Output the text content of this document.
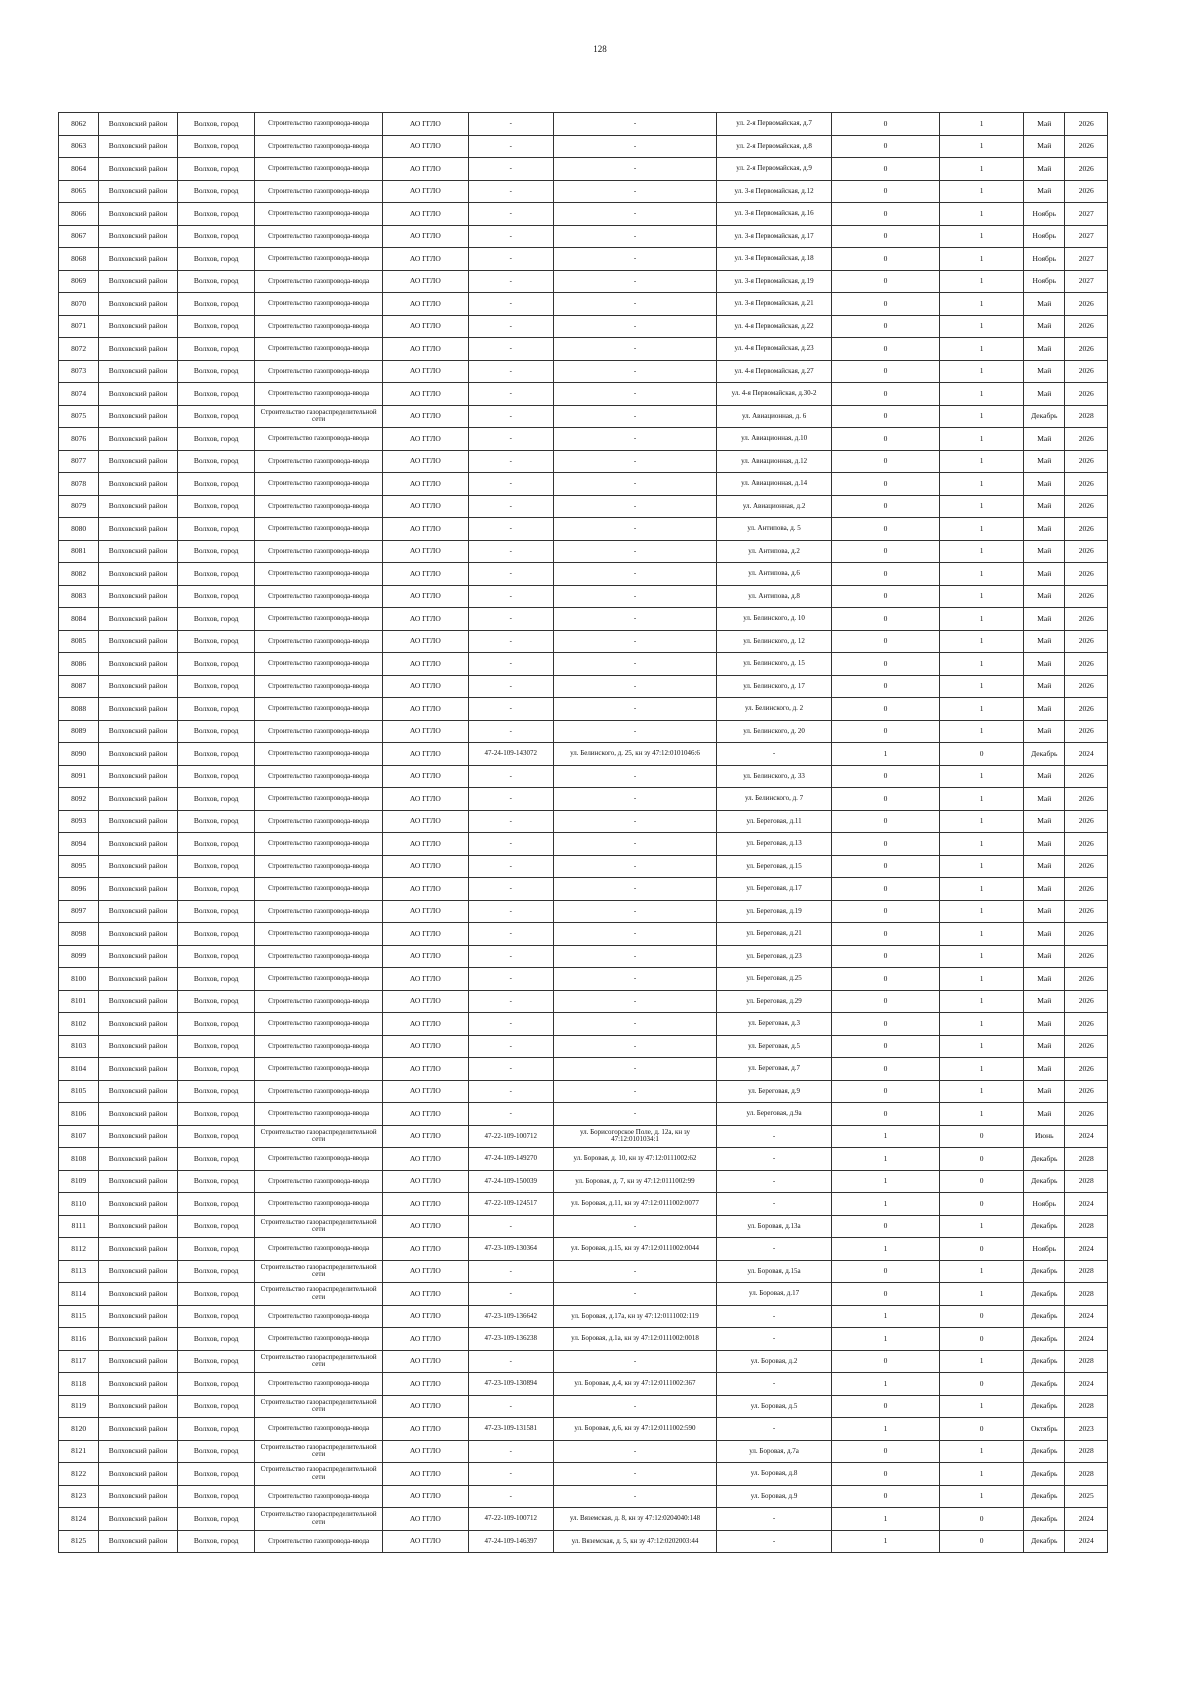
128
8062	Волховский район	Волхов, город	Строительство газопровода-ввода	АО ГГЛО	-	-	ул. 2-я Первомайская, д.7	0	1	Май	2026
8063	Волховский район	Волхов, город	Строительство газопровода-ввода	АО ГГЛО	-	-	ул. 2-я Первомайская, д.8	0	1	Май	2026
8064	Волховский район	Волхов, город	Строительство газопровода-ввода	АО ГГЛО	-	-	ул. 2-я Первомайская, д.9	0	1	Май	2026
8065	Волховский район	Волхов, город	Строительство газопровода-ввода	АО ГГЛО	-	-	ул. 3-я Первомайская, д.12	0	1	Май	2026
8066	Волховский район	Волхов, город	Строительство газопровода-ввода	АО ГГЛО	-	-	ул. 3-я Первомайская, д.16	0	1	Ноябрь	2027
8067	Волховский район	Волхов, город	Строительство газопровода-ввода	АО ГГЛО	-	-	ул. 3-я Первомайская, д.17	0	1	Ноябрь	2027
8068	Волховский район	Волхов, город	Строительство газопровода-ввода	АО ГГЛО	-	-	ул. 3-я Первомайская, д.18	0	1	Ноябрь	2027
8069	Волховский район	Волхов, город	Строительство газопровода-ввода	АО ГГЛО	-	-	ул. 3-я Первомайская, д.19	0	1	Ноябрь	2027
8070	Волховский район	Волхов, город	Строительство газопровода-ввода	АО ГГЛО	-	-	ул. 3-я Первомайская, д.21	0	1	Май	2026
8071	Волховский район	Волхов, город	Строительство газопровода-ввода	АО ГГЛО	-	-	ул. 4-я Первомайская, д.22	0	1	Май	2026
8072	Волховский район	Волхов, город	Строительство газопровода-ввода	АО ГГЛО	-	-	ул. 4-я Первомайская, д.23	0	1	Май	2026
8073	Волховский район	Волхов, город	Строительство газопровода-ввода	АО ГГЛО	-	-	ул. 4-я Первомайская, д.27	0	1	Май	2026
8074	Волховский район	Волхов, город	Строительство газопровода-ввода	АО ГГЛО	-	-	ул. 4-я Первомайская, д.30-2	0	1	Май	2026
8075	Волховский район	Волхов, город	Строительство газораспределительной сети	АО ГГЛО	-	-	ул. Авиационная, д. 6	0	1	Декабрь	2028
8076	Волховский район	Волхов, город	Строительство газопровода-ввода	АО ГГЛО	-	-	ул. Авиационная, д.10	0	1	Май	2026
8077	Волховский район	Волхов, город	Строительство газопровода-ввода	АО ГГЛО	-	-	ул. Авиационная, д.12	0	1	Май	2026
8078	Волховский район	Волхов, город	Строительство газопровода-ввода	АО ГГЛО	-	-	ул. Авиационная, д.14	0	1	Май	2026
8079	Волховский район	Волхов, город	Строительство газопровода-ввода	АО ГГЛО	-	-	ул. Авиационная, д.2	0	1	Май	2026
8080	Волховский район	Волхов, город	Строительство газопровода-ввода	АО ГГЛО	-	-	ул. Антипова, д. 5	0	1	Май	2026
8081	Волховский район	Волхов, город	Строительство газопровода-ввода	АО ГГЛО	-	-	ул. Антипова, д.2	0	1	Май	2026
8082	Волховский район	Волхов, город	Строительство газопровода-ввода	АО ГГЛО	-	-	ул. Антипова, д.6	0	1	Май	2026
8083	Волховский район	Волхов, город	Строительство газопровода-ввода	АО ГГЛО	-	-	ул. Антипова, д.8	0	1	Май	2026
8084	Волховский район	Волхов, город	Строительство газопровода-ввода	АО ГГЛО	-	-	ул. Белинского, д. 10	0	1	Май	2026
8085	Волховский район	Волхов, город	Строительство газопровода-ввода	АО ГГЛО	-	-	ул. Белинского, д. 12	0	1	Май	2026
8086	Волховский район	Волхов, город	Строительство газопровода-ввода	АО ГГЛО	-	-	ул. Белинского, д. 15	0	1	Май	2026
8087	Волховский район	Волхов, город	Строительство газопровода-ввода	АО ГГЛО	-	-	ул. Белинского, д. 17	0	1	Май	2026
8088	Волховский район	Волхов, город	Строительство газопровода-ввода	АО ГГЛО	-	-	ул. Белинского, д. 2	0	1	Май	2026
8089	Волховский район	Волхов, город	Строительство газопровода-ввода	АО ГГЛО	-	-	ул. Белинского, д. 20	0	1	Май	2026
8090	Волховский район	Волхов, город	Строительство газопровода-ввода	АО ГГЛО	47-24-109-143072	ул. Белинского, д. 25, кн зу 47:12:0101046:6	-	1	0	Декабрь	2024
8091	Волховский район	Волхов, город	Строительство газопровода-ввода	АО ГГЛО	-	-	ул. Белинского, д. 33	0	1	Май	2026
8092	Волховский район	Волхов, город	Строительство газопровода-ввода	АО ГГЛО	-	-	ул. Белинского, д. 7	0	1	Май	2026
8093	Волховский район	Волхов, город	Строительство газопровода-ввода	АО ГГЛО	-	-	ул. Береговая, д.11	0	1	Май	2026
8094	Волховский район	Волхов, город	Строительство газопровода-ввода	АО ГГЛО	-	-	ул. Береговая, д.13	0	1	Май	2026
8095	Волховский район	Волхов, город	Строительство газопровода-ввода	АО ГГЛО	-	-	ул. Береговая, д.15	0	1	Май	2026
8096	Волховский район	Волхов, город	Строительство газопровода-ввода	АО ГГЛО	-	-	ул. Береговая, д.17	0	1	Май	2026
8097	Волховский район	Волхов, город	Строительство газопровода-ввода	АО ГГЛО	-	-	ул. Береговая, д.19	0	1	Май	2026
8098	Волховский район	Волхов, город	Строительство газопровода-ввода	АО ГГЛО	-	-	ул. Береговая, д.21	0	1	Май	2026
8099	Волховский район	Волхов, город	Строительство газопровода-ввода	АО ГГЛО	-	-	ул. Береговая, д.23	0	1	Май	2026
8100	Волховский район	Волхов, город	Строительство газопровода-ввода	АО ГГЛО	-	-	ул. Береговая, д.25	0	1	Май	2026
8101	Волховский район	Волхов, город	Строительство газопровода-ввода	АО ГГЛО	-	-	ул. Береговая, д.29	0	1	Май	2026
8102	Волховский район	Волхов, город	Строительство газопровода-ввода	АО ГГЛО	-	-	ул. Береговая, д.3	0	1	Май	2026
8103	Волховский район	Волхов, город	Строительство газопровода-ввода	АО ГГЛО	-	-	ул. Береговая, д.5	0	1	Май	2026
8104	Волховский район	Волхов, город	Строительство газопровода-ввода	АО ГГЛО	-	-	ул. Береговая, д.7	0	1	Май	2026
8105	Волховский район	Волхов, город	Строительство газопровода-ввода	АО ГГЛО	-	-	ул. Береговая, д.9	0	1	Май	2026
8106	Волховский район	Волхов, город	Строительство газопровода-ввода	АО ГГЛО	-	-	ул. Береговая, д.9а	0	1	Май	2026
8107	Волховский район	Волхов, город	Строительство газораспределительной сети	АО ГГЛО	47-22-109-100712	ул. Борисогорское Поле, д. 12а, кн зу 47:12:0101034:1	-	1	0	Июнь	2024
8108	Волховский район	Волхов, город	Строительство газопровода-ввода	АО ГГЛО	47-24-109-149270	ул. Боровая, д. 10, кн зу 47:12:0111002:62	-	1	0	Декабрь	2028
8109	Волховский район	Волхов, город	Строительство газопровода-ввода	АО ГГЛО	47-24-109-150039	ул. Боровая, д. 7, кн зу 47:12:0111002:99	-	1	0	Декабрь	2028
8110	Волховский район	Волхов, город	Строительство газопровода-ввода	АО ГГЛО	47-22-109-124517	ул. Боровая, д.11, кн зу 47:12:0111002:0077	-	1	0	Ноябрь	2024
8111	Волховский район	Волхов, город	Строительство газораспределительной сети	АО ГГЛО	-	-	ул. Боровая, д.13а	0	1	Декабрь	2028
8112	Волховский район	Волхов, город	Строительство газопровода-ввода	АО ГГЛО	47-23-109-130364	ул. Боровая, д.15, кн зу 47:12:0111002:0044	-	1	0	Ноябрь	2024
8113	Волховский район	Волхов, город	Строительство газораспределительной сети	АО ГГЛО	-	-	ул. Боровая, д.15а	0	1	Декабрь	2028
8114	Волховский район	Волхов, город	Строительство газораспределительной сети	АО ГГЛО	-	-	ул. Боровая, д.17	0	1	Декабрь	2028
8115	Волховский район	Волхов, город	Строительство газопровода-ввода	АО ГГЛО	47-23-109-136642	ул. Боровая, д.17а, кн зу 47:12:0111002:119	-	1	0	Декабрь	2024
8116	Волховский район	Волхов, город	Строительство газопровода-ввода	АО ГГЛО	47-23-109-136238	ул. Боровая, д.1а, кн зу 47:12:0111002:0018	-	1	0	Декабрь	2024
8117	Волховский район	Волхов, город	Строительство газораспределительной сети	АО ГГЛО	-	-	ул. Боровая, д.2	0	1	Декабрь	2028
8118	Волховский район	Волхов, город	Строительство газопровода-ввода	АО ГГЛО	47-23-109-130894	ул. Боровая, д.4, кн зу 47:12:0111002:367	-	1	0	Декабрь	2024
8119	Волховский район	Волхов, город	Строительство газораспределительной сети	АО ГГЛО	-	-	ул. Боровая, д.5	0	1	Декабрь	2028
8120	Волховский район	Волхов, город	Строительство газопровода-ввода	АО ГГЛО	47-23-109-131581	ул. Боровая, д.6, кн зу 47:12:0111002:590	-	1	0	Октябрь	2023
8121	Волховский район	Волхов, город	Строительство газораспределительной сети	АО ГГЛО	-	-	ул. Боровая, д.7а	0	1	Декабрь	2028
8122	Волховский район	Волхов, город	Строительство газораспределительной сети	АО ГГЛО	-	-	ул. Боровая, д.8	0	1	Декабрь	2028
8123	Волховский район	Волхов, город	Строительство газопровода-ввода	АО ГГЛО	-	-	ул. Боровая, д.9	0	1	Декабрь	2025
8124	Волховский район	Волхов, город	Строительство газораспределительной сети	АО ГГЛО	47-22-109-100712	ул. Вяземская, д. 8, кн зу 47:12:0204040:148	-	1	0	Декабрь	2024
8125	Волховский район	Волхов, город	Строительство газопровода-ввода	АО ГГЛО	47-24-109-146397	ул. Вяземская, д. 5, кн зу 47:12:0202003:44	-	1	0	Декабрь	2024
